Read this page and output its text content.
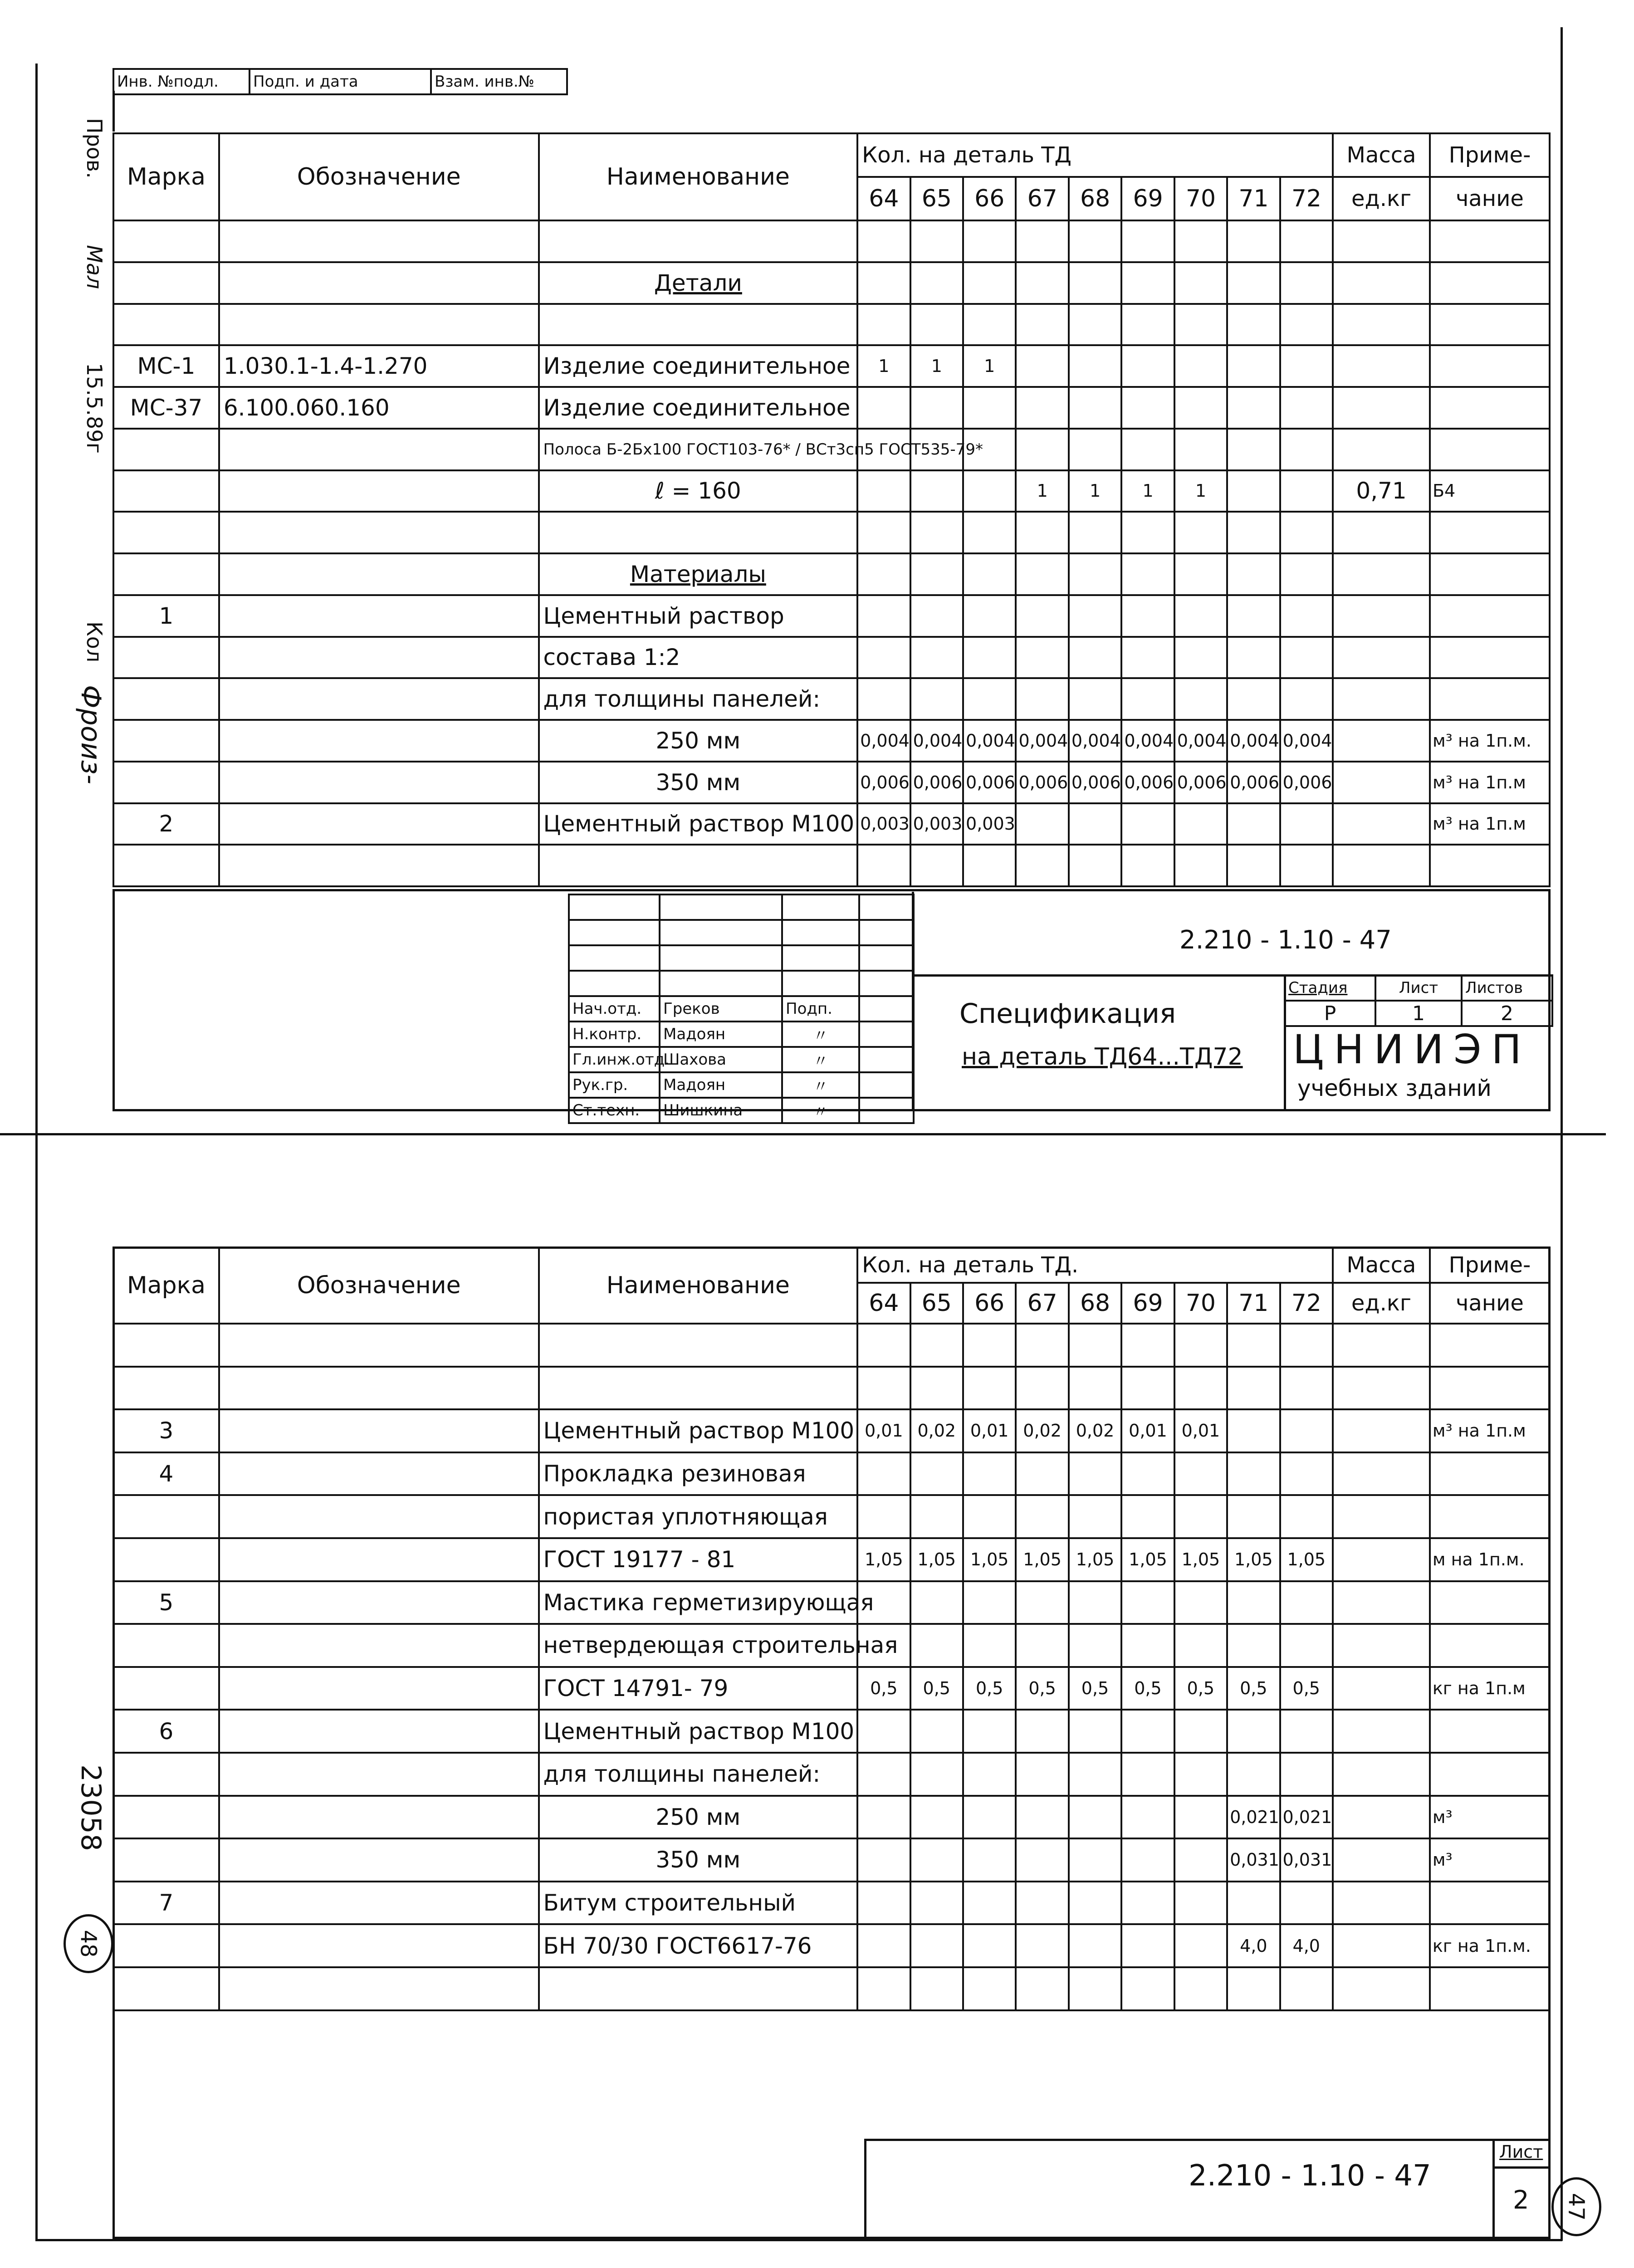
Инв. №подл.	Подп. и дата	Взам. инв.№
Пров.
Мал
15.5.89г
Кол
Фроиз-
Марка	Обозначение	Наименование	Кол. на деталь ТД									Масса	Приме-
			64	65	66	67	68	69	70	71	72	ед.кг	чание

		Детали											

МС-1	1.030.1-1.4-1.270	Изделие соединительное	1	1	1								
МС-37	6.100.060.160	Изделие соединительное											
		Полоса Б-2Бх100 ГОСТ103-76* / ВСт3сп5 ГОСТ535-79*											
		ℓ = 160				1	1	1	1			0,71	Б4

		Материалы											
1		Цементный раствор											
		состава 1:2											
		для толщины панелей:											
		250 мм	0,004	0,004	0,004	0,004	0,004	0,004	0,004	0,004	0,004		м³ на 1п.м.
		350 мм	0,006	0,006	0,006	0,006	0,006	0,006	0,006	0,006	0,006		м³ на 1п.м
2		Цементный раствор М100	0,003	0,003	0,003								м³ на 1п.м

Нач.отд.	Греков	Подп.	
Н.контр.	Мадоян	〃	
Гл.инж.отд.	Шахова	〃	
Рук.гр.	Мадоян	〃	
Ст.техн.	Шишкина	〃	
2.210 - 1.10 - 47
Спецификация
на деталь ТД64...ТД72
Стадия	Лист	Листов
Р	1	2
ЦНИИЭП
учебных зданий
Марка	Обозначение	Наименование	Кол. на деталь ТД.									Масса	Приме-
			64	65	66	67	68	69	70	71	72	ед.кг	чание

3		Цементный раствор М100	0,01	0,02	0,01	0,02	0,02	0,01	0,01				м³ на 1п.м
4		Прокладка резиновая											
		пористая уплотняющая											
		ГОСТ 19177 - 81	1,05	1,05	1,05	1,05	1,05	1,05	1,05	1,05	1,05		м на 1п.м.
5		Мастика герметизирующая											
		нетвердеющая строительная											
		ГОСТ 14791- 79	0,5	0,5	0,5	0,5	0,5	0,5	0,5	0,5	0,5		кг на 1п.м
6		Цементный раствор М100											
		для толщины панелей:											
		250 мм								0,021	0,021		м³
		350 мм								0,031	0,031		м³
7		Битум строительный											
		БН 70/30 ГОСТ6617-76								4,0	4,0		кг на 1п.м.

2.210 - 1.10 - 47
Лист
2
23058
48
47
